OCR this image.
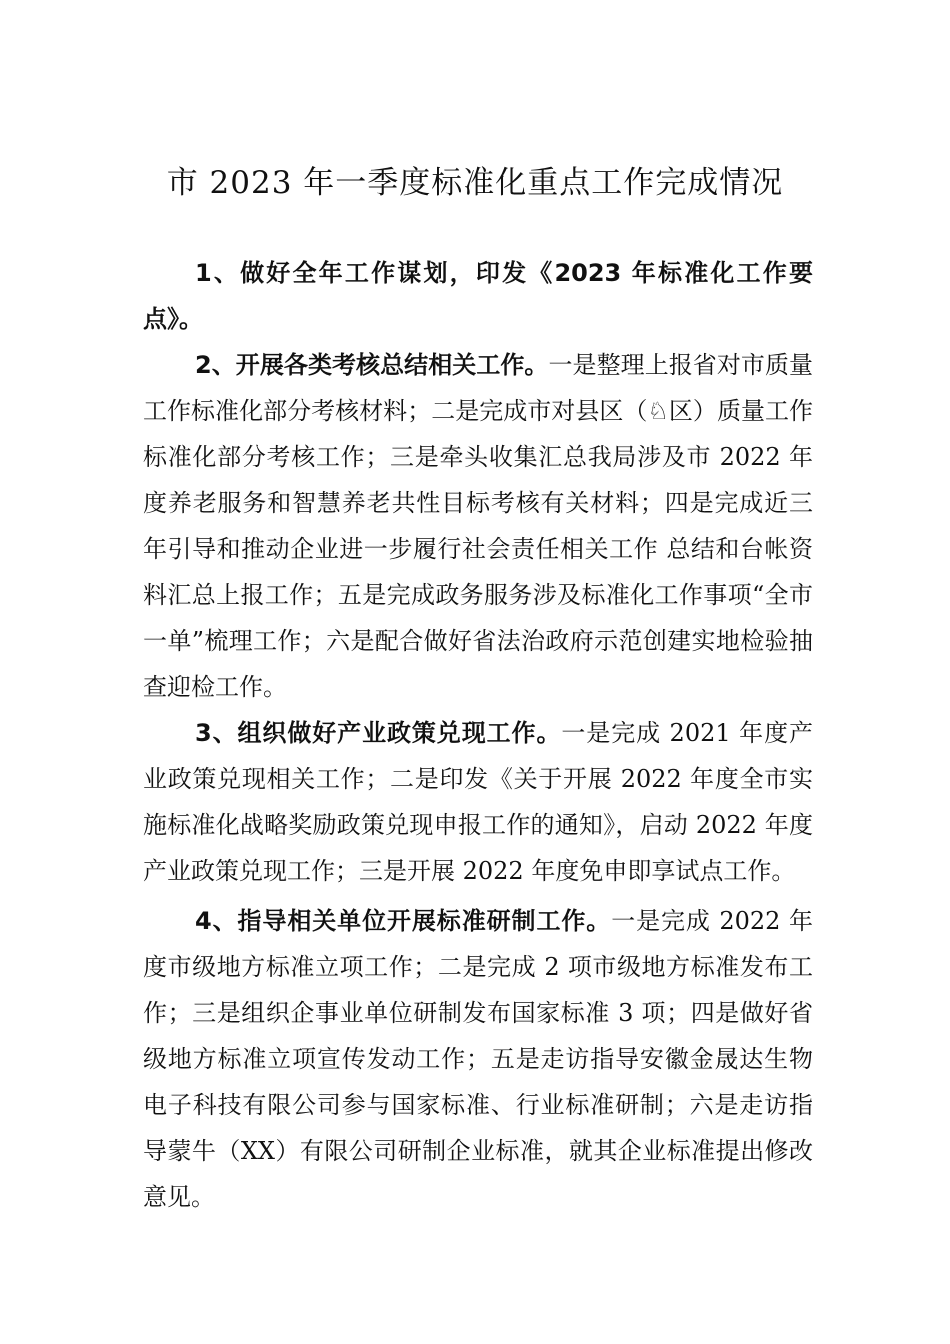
市 2023 年一季度标准化重点工作完成情况

1、做好全年工作谋划，印发《2023 年标准化工作要点》。

2、开展各类考核总结相关工作。一是整理上报省对市质量工作标准化部分考核材料；二是完成市对县区（♘区）质量工作标准化部分考核工作；三是牵头收集汇总我局涉及市 2022 年度养老服务和智慧养老共性目标考核有关材料；四是完成近三年引导和推动企业进一步履行社会责任相关工作 总结和台帐资料汇总上报工作；五是完成政务服务涉及标准化工作事项“全市一单”梳理工作；六是配合做好省法治政府示范创建实地检验抽查迎检工作。

3、组织做好产业政策兑现工作。一是完成 2021 年度产业政策兑现相关工作；二是印发《关于开展 2022 年度全市实施标准化战略奖励政策兑现申报工作的通知》，启动 2022 年度产业政策兑现工作；三是开展 2022 年度免申即享试点工作。

4、指导相关单位开展标准研制工作。一是完成 2022 年 度市级地方标准立项工作；二是完成 2 项市级地方标准发布工作；三是组织企事业单位研制发布国家标准 3 项；四是做好省级地方标准立项宣传发动工作；五是走访指导安徽金晟达生物电子科技有限公司参与国家标准、行业标准研制；六是走访指导蒙牛（XX）有限公司研制企业标准，就其企业标准提出修改意见。
